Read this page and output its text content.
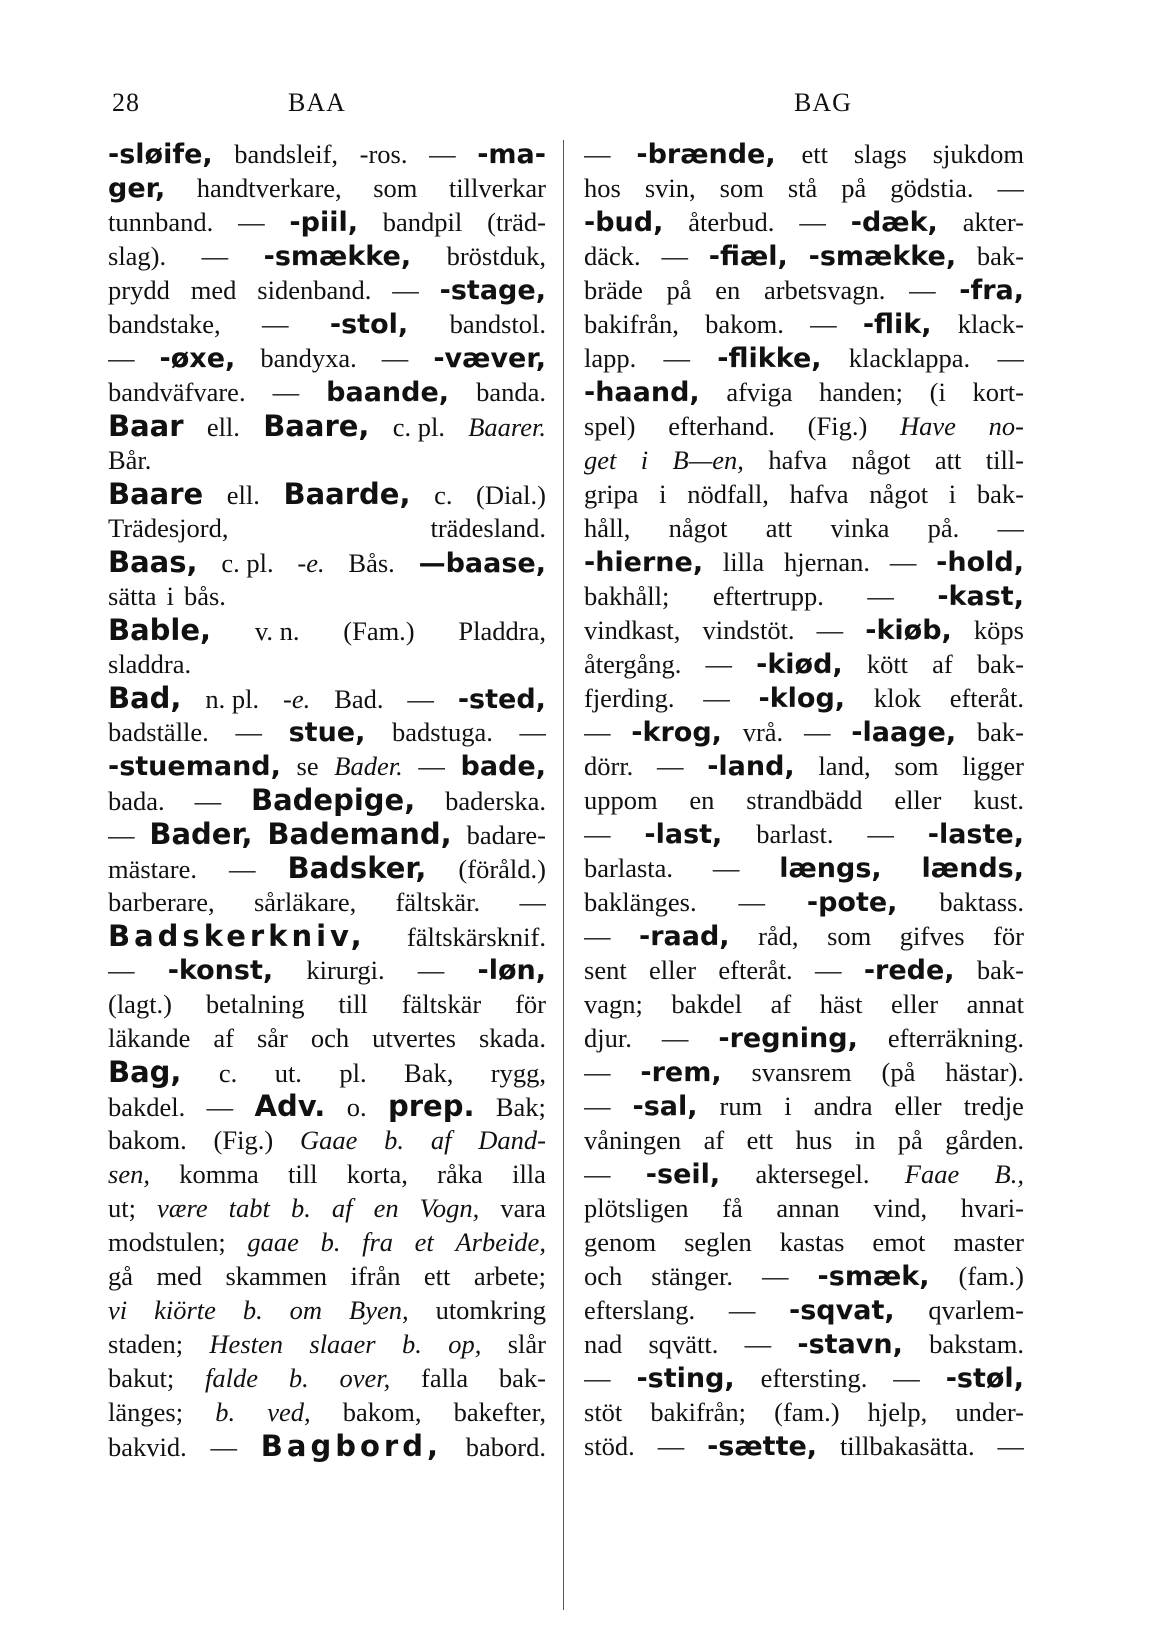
28	BAA	BAG
-sløife, bandsleif, -ros. — -ma-
ger, handtverkare, som tillverkar
tunnband. — -piil, bandpil (träd-
slag). — -smække, bröstduk,
prydd med sidenband. — -stage,
bandstake, — -stol, bandstol.
— -øxe, bandyxa. — -væver,
bandväfvare. — baande, banda.
Baar ell. Baare, c. pl. Baarer.
Bår.
Baare ell. Baarde, c. (Dial.)
Trädesjord,	trädesland.
Baas, c. pl. -e. Bås. —baase,
sätta i bås.
Bable, v. n. (Fam.) Pladdra,
sladdra.
Bad, n. pl. -e. Bad. — -sted,
badställe. — stue, badstuga. —
-stuemand, se Bader. — bade,
bada. — Badepige, baderska.
— Bader, Bademand, badare-
mästare. — Badsker, (föråld.)
barberare, sårläkare, fältskär. —
Badskerkniv, fältskärsknif.
— -konst, kirurgi. — -løn,
(lagt.) betalning till fältskär för
läkande af sår och utvertes skada.
Bag, c. ut. pl. Bak, rygg,
bakdel. — Adv. o. prep. Bak;
bakom. (Fig.) Gaae b. af Dand-
sen, komma till korta, råka illa
ut; være tabt b. af en Vogn, vara
modstulen; gaae b. fra et Arbeide,
gå med skammen ifrån ett arbete;
vi kiörte b. om Byen, utomkring
staden; Hesten slaaer b. op, slår
bakut; falde b. over, falla bak-
länges; b. ved, bakom, bakefter,
bakvid. — Bagbord, babord.
— -brænde, ett slags sjukdom
hos svin, som stå på gödstia. —
-bud, återbud. — -dæk, akter-
däck. — -fiæl, -smække, bak-
bräde på en arbetsvagn. — -fra,
bakifrån, bakom. — -flik, klack-
lapp. — -flikke, klacklappa. —
-haand, afviga handen; (i kort-
spel) efterhand. (Fig.) Have no-
get i B—en, hafva något att till-
gripa i nödfall, hafva något i bak-
håll, något att vinka på. —
-hierne, lilla hjernan. — -hold,
bakhåll; eftertrupp. — -kast,
vindkast, vindstöt. — -kiøb, köps
återgång. — -kiød, kött af bak-
fjerding. — -klog, klok efteråt.
— -krog, vrå. — -laage, bak-
dörr. — -land, land, som ligger
uppom en strandbädd eller kust.
— -last, barlast. — -laste,
barlasta. — længs, lænds,
baklänges. — -pote, baktass.
— -raad, råd, som gifves för
sent eller efteråt. — -rede, bak-
vagn; bakdel af häst eller annat
djur. — -regning, efterräkning.
— -rem, svansrem (på hästar).
— -sal, rum i andra eller tredje
våningen af ett hus in på gården.
— -seil, aktersegel. Faae B.,
plötsligen få annan vind, hvari-
genom seglen kastas emot master
och stänger. — -smæk, (fam.)
efterslang. — -sqvat, qvarlem-
nad sqvätt. — -stavn, bakstam.
— -sting, eftersting. — -støl,
stöt bakifrån; (fam.) hjelp, under-
stöd. — -sætte, tillbakasätta. —
